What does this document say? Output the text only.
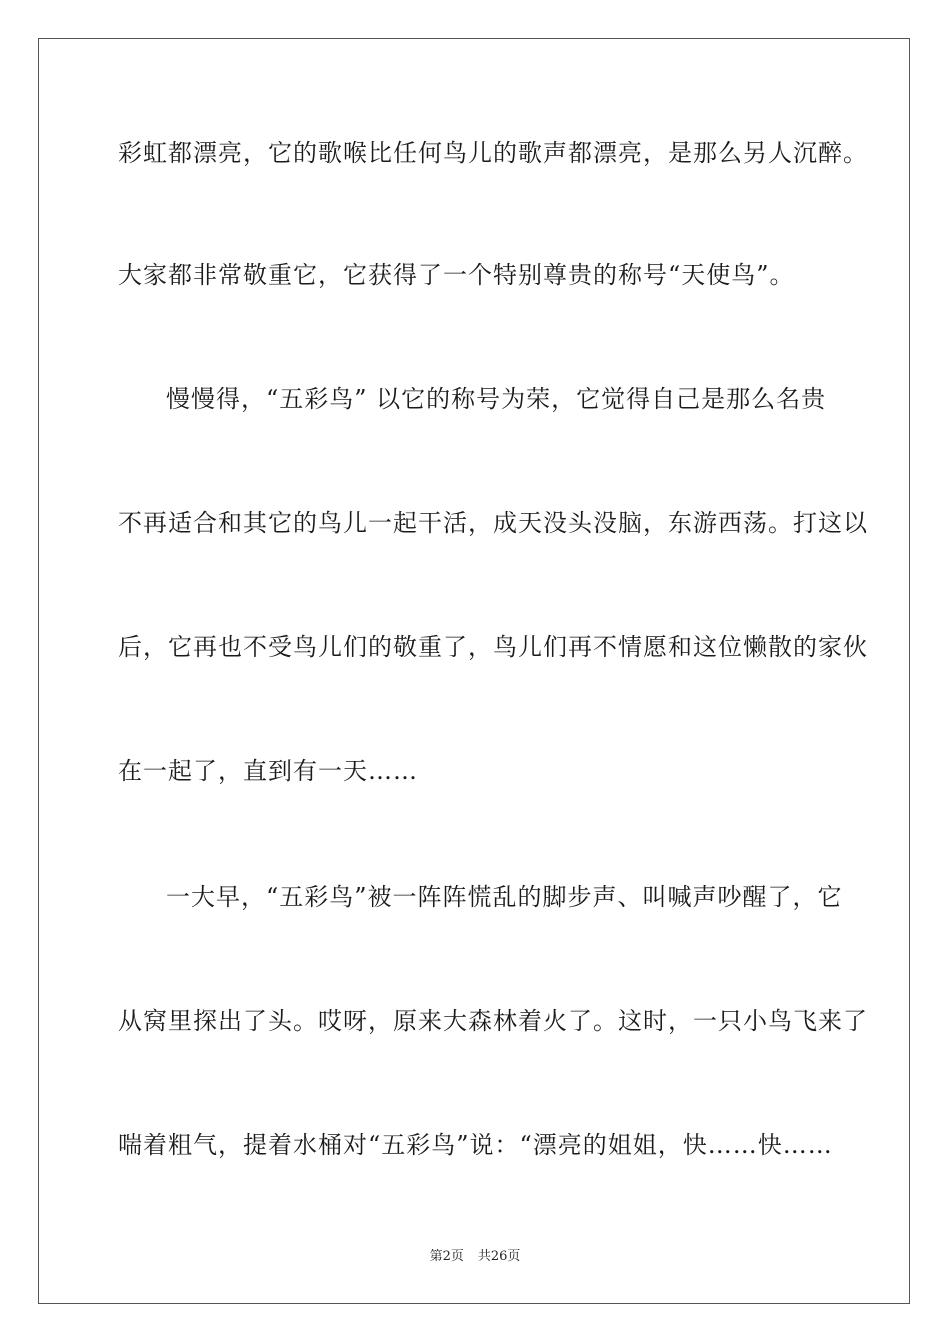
彩虹都漂亮，它的歌喉比任何鸟儿的歌声都漂亮，是那么另人沉醉。
大家都非常敬重它，它获得了一个特别尊贵的称号“天使鸟”。
慢慢得，“五彩鸟” 以它的称号为荣，它觉得自己是那么名贵
不再适合和其它的鸟儿一起干活，成天没头没脑，东游西荡。打这以
后，它再也不受鸟儿们的敬重了，鸟儿们再不情愿和这位懒散的家伙
在一起了，直到有一天……
一大早，“五彩鸟”被一阵阵慌乱的脚步声、叫喊声吵醒了，它
从窝里探出了头。哎呀，原来大森林着火了。这时，一只小鸟飞来了
喘着粗气，提着水桶对“五彩鸟”说：“漂亮的姐姐，快……快……
第2页 共26页
